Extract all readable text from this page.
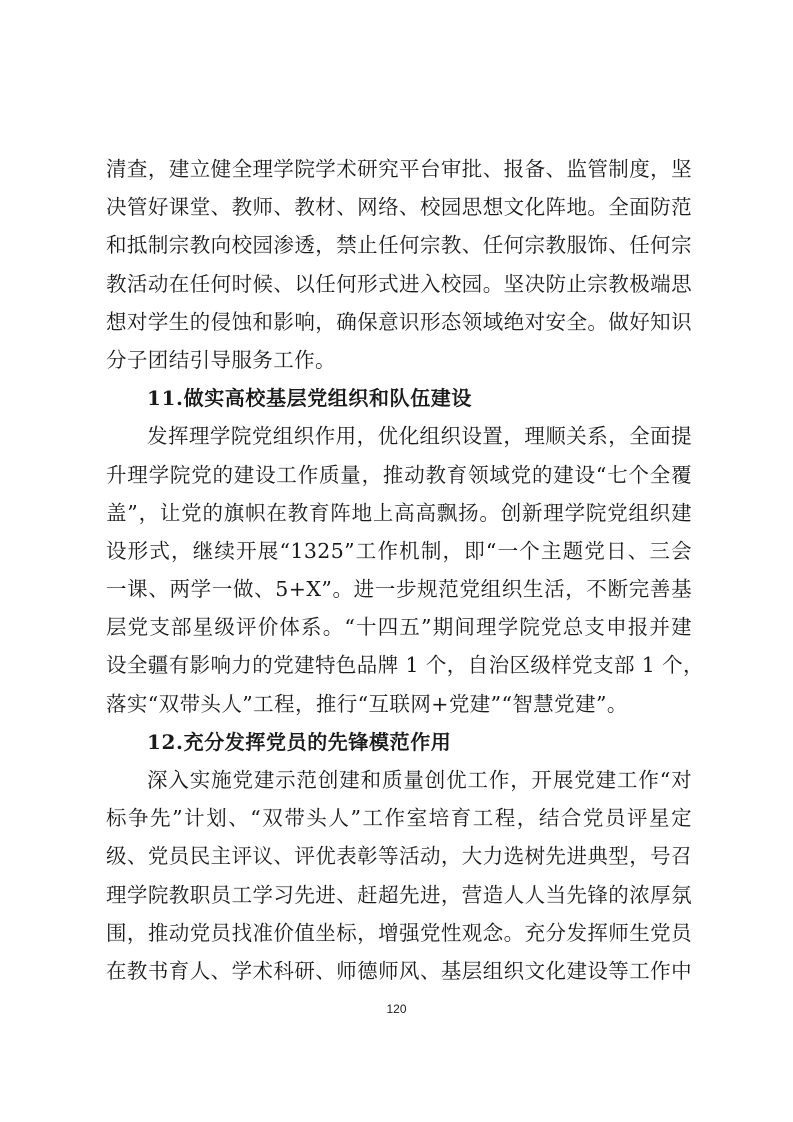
清查，建立健全理学院学术研究平台审批、报备、监管制度，坚
决管好课堂、教师、教材、网络、校园思想文化阵地。全面防范
和抵制宗教向校园渗透，禁止任何宗教、任何宗教服饰、任何宗
教活动在任何时候、以任何形式进入校园。坚决防止宗教极端思
想对学生的侵蚀和影响，确保意识形态领域绝对安全。做好知识
分子团结引导服务工作。
11.做实高校基层党组织和队伍建设
发挥理学院党组织作用，优化组织设置，理顺关系，全面提
升理学院党的建设工作质量，推动教育领域党的建设“七个全覆
盖”，让党的旗帜在教育阵地上高高飘扬。创新理学院党组织建
设形式，继续开展“1325”工作机制，即“一个主题党日、三会
一课、两学一做、5+X”。进一步规范党组织生活，不断完善基
层党支部星级评价体系。“十四五”期间理学院党总支申报并建
设全疆有影响力的党建特色品牌 1 个，自治区级样党支部 1 个，
落实“双带头人”工程，推行“互联网+党建”“智慧党建”。
12.充分发挥党员的先锋模范作用
深入实施党建示范创建和质量创优工作，开展党建工作“对
标争先”计划、“双带头人”工作室培育工程，结合党员评星定
级、党员民主评议、评优表彰等活动，大力选树先进典型，号召
理学院教职员工学习先进、赶超先进，营造人人当先锋的浓厚氛
围，推动党员找准价值坐标，增强党性观念。充分发挥师生党员
在教书育人、学术科研、师德师风、基层组织文化建设等工作中
120
